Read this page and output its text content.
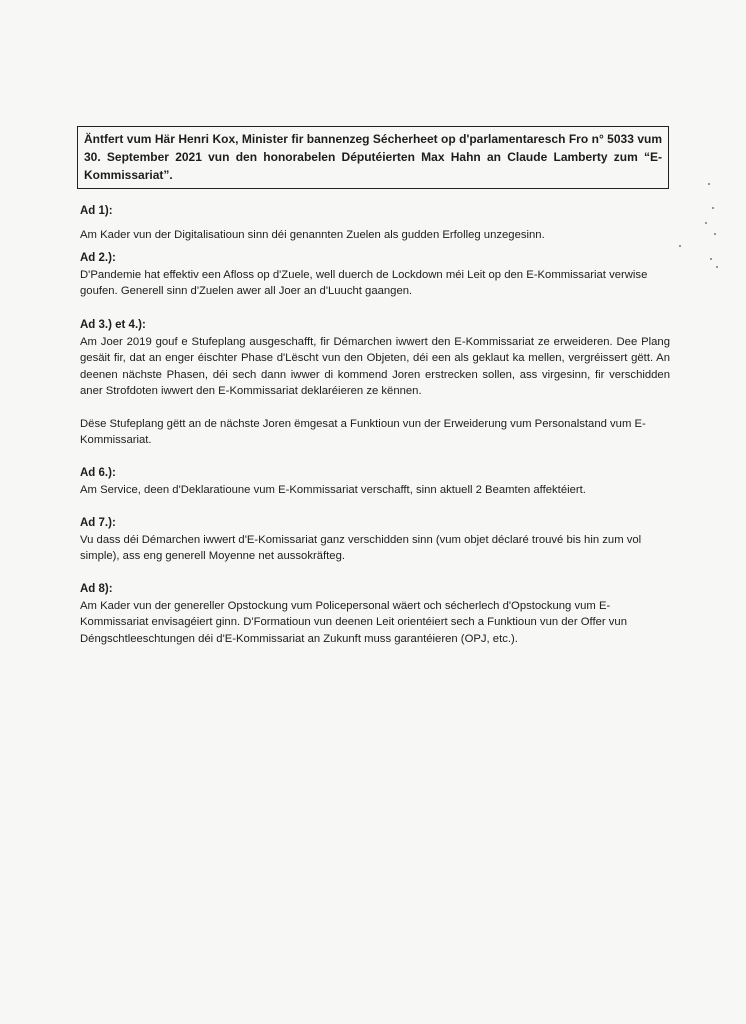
Äntfert vum Här Henri Kox, Minister fir bannenzeg Sécherheet op d'parlamentaresch Fro n° 5033 vum 30. September 2021 vun den honorabelen Députéierten Max Hahn an Claude Lamberty zum “E-Kommissariat”.

Ad 1):

Am Kader vun der Digitalisatioun sinn déi genannten Zuelen als gudden Erfolleg unzegesinn.

Ad 2.):

D'Pandemie hat effektiv een Afloss op d'Zuele, well duerch de Lockdown méi Leit op den E-Kommissariat verwise goufen. Generell sinn d'Zuelen awer all Joer an d'Luucht gaangen.

Ad 3.) et 4.):

Am Joer 2019 gouf e Stufeplang ausgeschafft, fir Démarchen iwwert den E-Kommissariat ze erweideren. Dee Plang gesäit fir, dat an enger éischter Phase d'Lëscht vun den Objeten, déi een als geklaut ka mellen, vergréissert gëtt. An deenen nächste Phasen, déi sech dann iwwer di kommend Joren erstrecken sollen, ass virgesinn, fir verschidden aner Strofdoten iwwert den E-Kommissariat deklaréieren ze kënnen.

Dëse Stufeplang gëtt an de nächste Joren ëmgesat a Funktioun vun der Erweiderung vum Personalstand vum E-Kommissariat.

Ad 6.):

Am Service, deen d'Deklaratioune vum E-Kommissariat verschafft, sinn aktuell 2 Beamten affektéiert.

Ad 7.):

Vu dass déi Démarchen iwwert d'E-Komissariat ganz verschidden sinn (vum objet déclaré trouvé bis hin zum vol simple), ass eng generell Moyenne net aussokräfteg.

Ad 8):

Am Kader vun der genereller Opstockung vum Policepersonal wäert och sécherlech d'Opstockung vum E-Kommissariat envisagéiert ginn. D'Formatioun vun deenen Leit orientéiert sech a Funktioun vun der Offer vun Déngschtleeschtungen déi d'E-Kommissariat an Zukunft muss garantéieren (OPJ, etc.).
